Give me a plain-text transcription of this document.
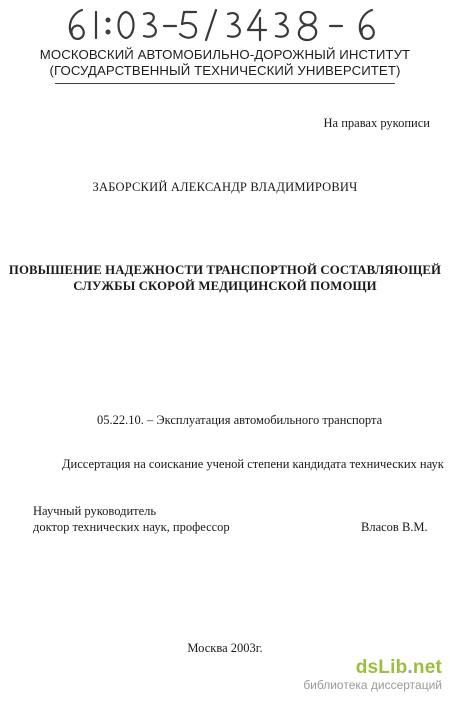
МОСКОВСКИЙ АВТОМОБИЛЬНО-ДОРОЖНЫЙ ИНСТИТУТ
(ГОСУДАРСТВЕННЫЙ ТЕХНИЧЕСКИЙ УНИВЕРСИТЕТ)
На правах рукописи
ЗАБОРСКИЙ АЛЕКСАНДР ВЛАДИМИРОВИЧ
ПОВЫШЕНИЕ НАДЕЖНОСТИ ТРАНСПОРТНОЙ СОСТАВЛЯЮЩЕЙ
СЛУЖБЫ СКОРОЙ МЕДИЦИНСКОЙ ПОМОЩИ
05.22.10. – Эксплуатация автомобильного транспорта
Диссертация на соискание ученой степени кандидата технических наук
Научный руководитель
доктор технических наук, профессор	Власов В.М.
Москва 2003г.
dsLib.net
библиотека диссертаций
